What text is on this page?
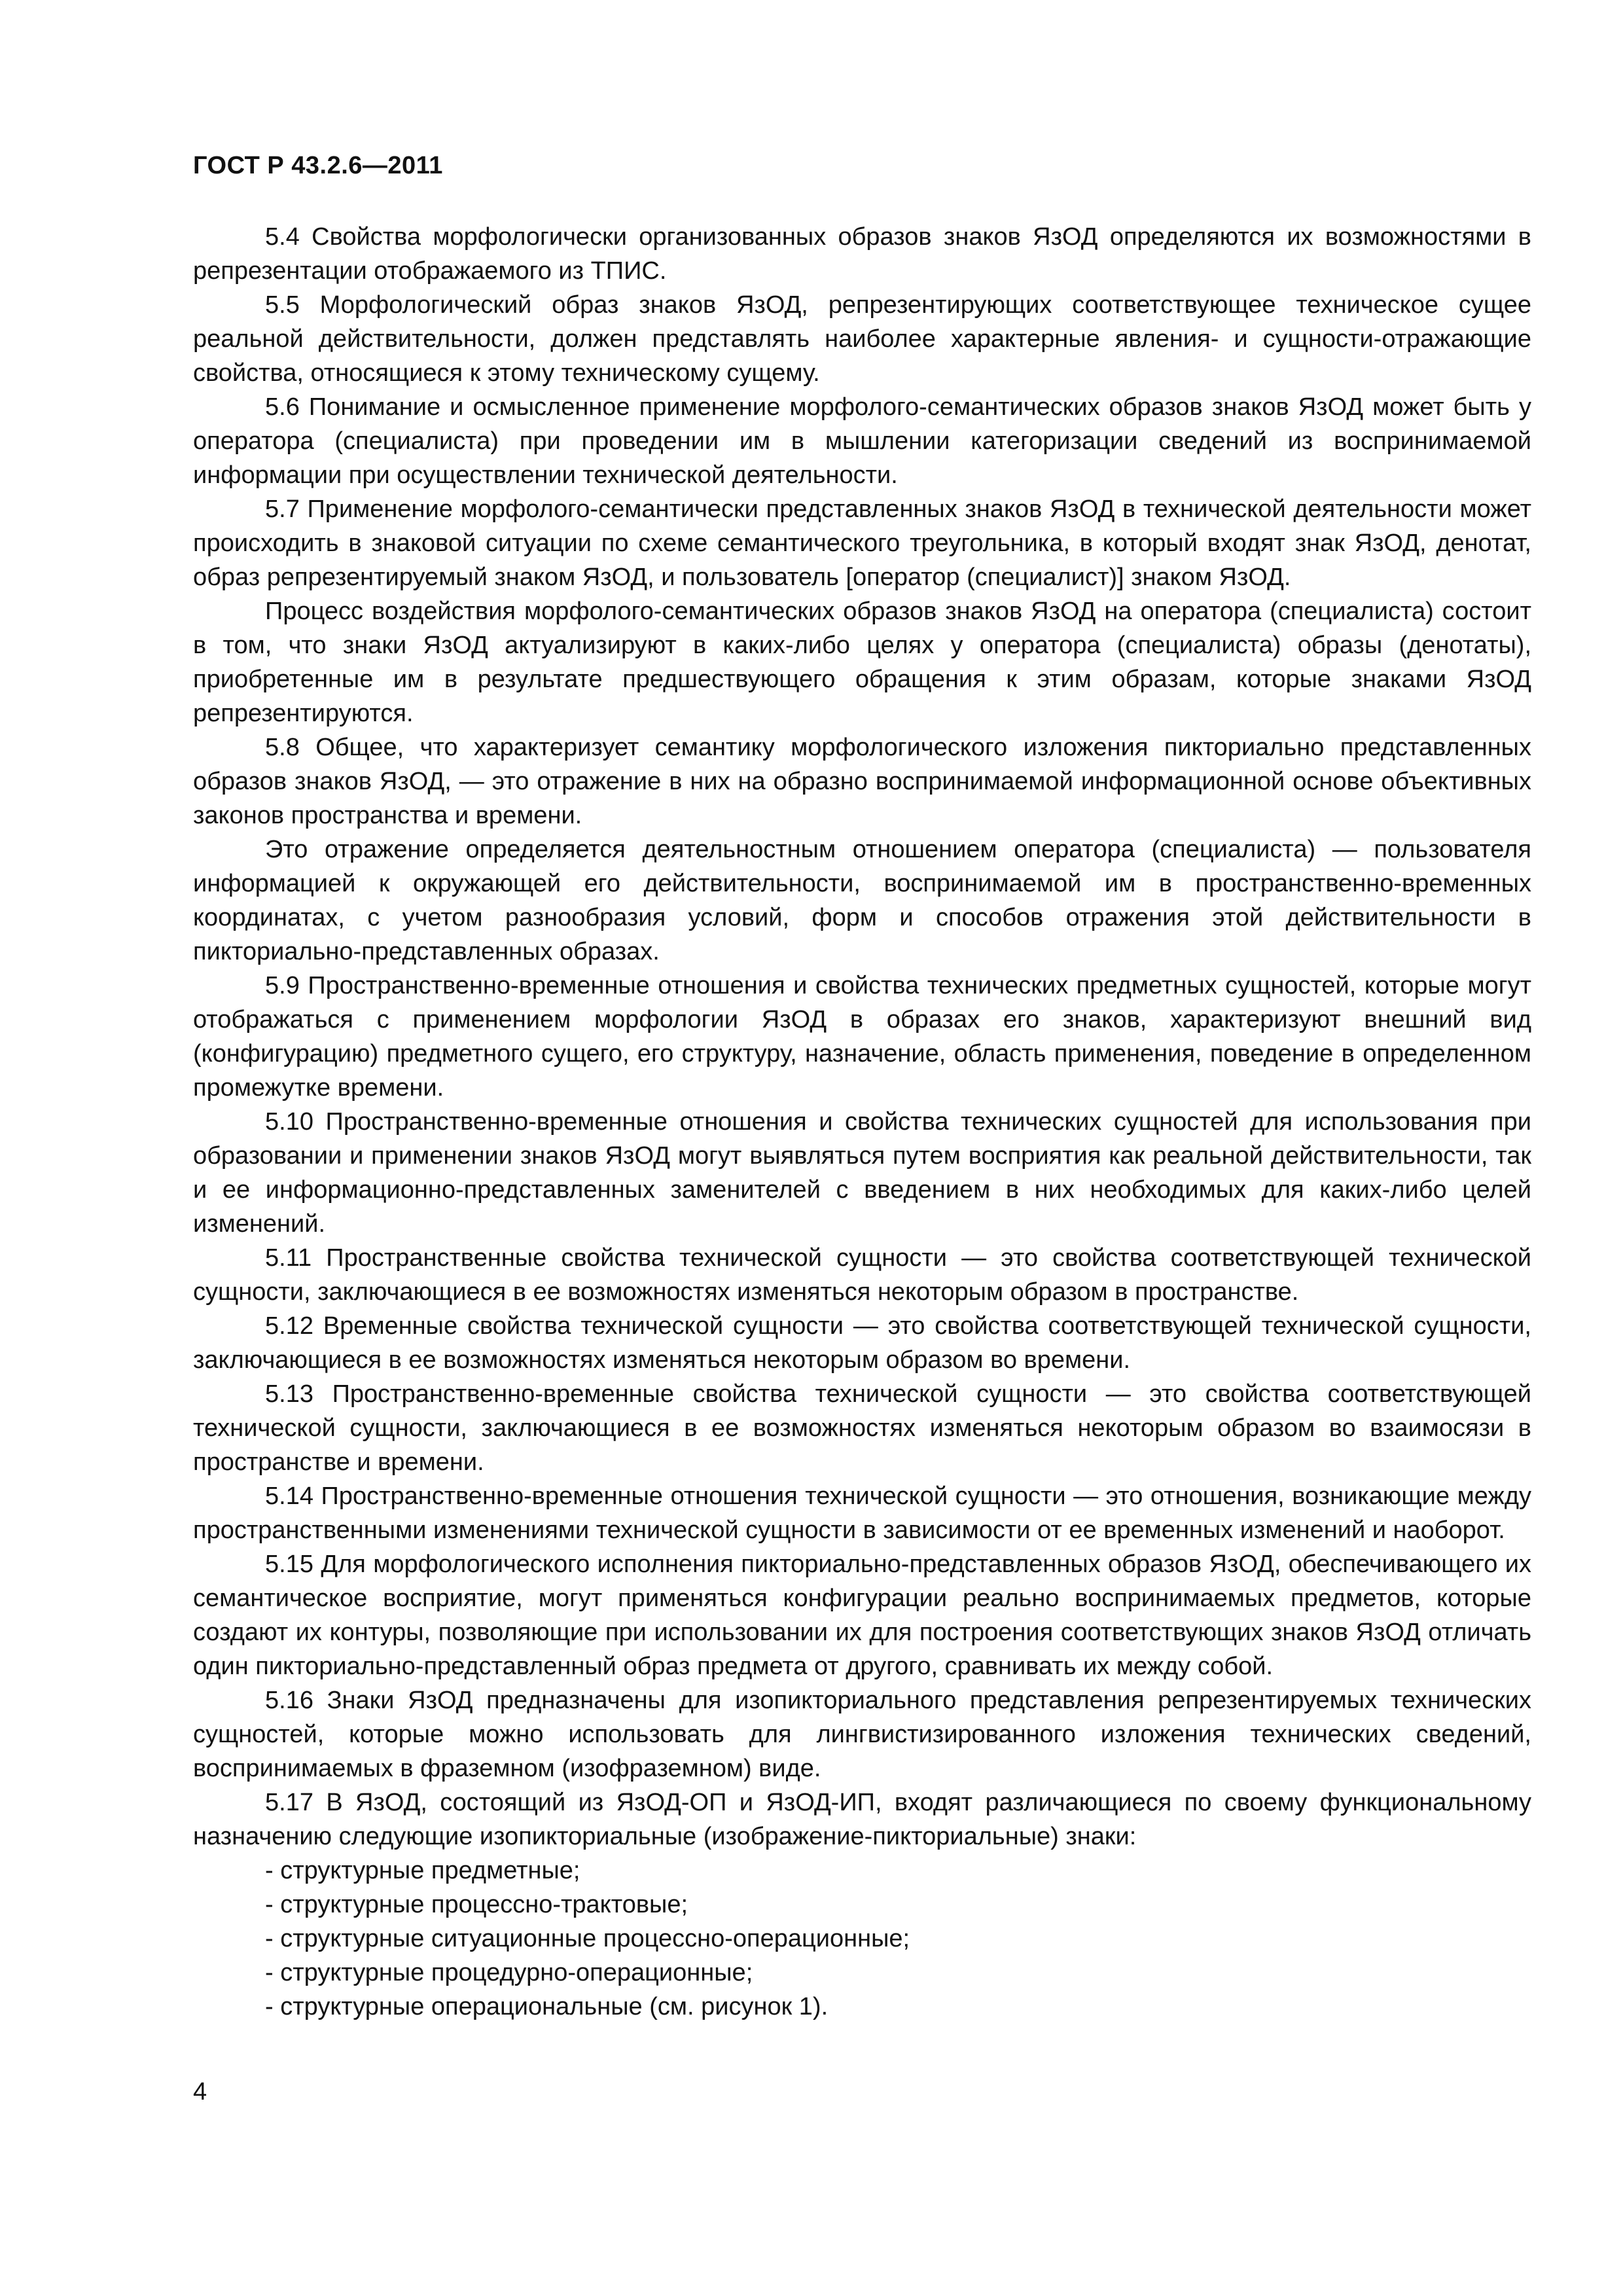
ГОСТ Р 43.2.6—2011

5.4 Свойства морфологически организованных образов знаков ЯзОД определяются их возможностями в репрезентации отображаемого из ТПИС.

5.5 Морфологический образ знаков ЯзОД, репрезентирующих соответствующее техническое сущее реальной действительности, должен представлять наиболее характерные явления- и сущности-отражающие свойства, относящиеся к этому техническому сущему.

5.6 Понимание и осмысленное применение морфолого-семантических образов знаков ЯзОД может быть у оператора (специалиста) при проведении им в мышлении категоризации сведений из воспринимаемой информации при осуществлении технической деятельности.

5.7 Применение морфолого-семантически представленных знаков ЯзОД в технической деятельности может происходить в знаковой ситуации по схеме семантического треугольника, в который входят знак ЯзОД, денотат, образ репрезентируемый знаком ЯзОД, и пользователь [оператор (специалист)] знаком ЯзОД.

Процесс воздействия морфолого-семантических образов знаков ЯзОД на оператора (специалиста) состоит в том, что знаки ЯзОД актуализируют в каких-либо целях у оператора (специалиста) образы (денотаты), приобретенные им в результате предшествующего обращения к этим образам, которые знаками ЯзОД репрезентируются.

5.8 Общее, что характеризует семантику морфологического изложения пикториально представленных образов знаков ЯзОД, — это отражение в них на образно воспринимаемой информационной основе объективных законов пространства и времени.

Это отражение определяется деятельностным отношением оператора (специалиста) — пользователя информацией к окружающей его действительности, воспринимаемой им в пространственно-временных координатах, с учетом разнообразия условий, форм и способов отражения этой действительности в пикториально-представленных образах.

5.9 Пространственно-временные отношения и свойства технических предметных сущностей, которые могут отображаться с применением морфологии ЯзОД в образах его знаков, характеризуют внешний вид (конфигурацию) предметного сущего, его структуру, назначение, область применения, поведение в определенном промежутке времени.

5.10 Пространственно-временные отношения и свойства технических сущностей для использования при образовании и применении знаков ЯзОД могут выявляться путем восприятия как реальной действительности, так и ее информационно-представленных заменителей с введением в них необходимых для каких-либо целей изменений.

5.11 Пространственные свойства технической сущности — это свойства соответствующей технической сущности, заключающиеся в ее возможностях изменяться некоторым образом в пространстве.

5.12 Временные свойства технической сущности — это свойства соответствующей технической сущности, заключающиеся в ее возможностях изменяться некоторым образом во времени.

5.13 Пространственно-временные свойства технической сущности — это свойства соответствующей технической сущности, заключающиеся в ее возможностях изменяться некоторым образом во взаимосязи в пространстве и времени.

5.14 Пространственно-временные отношения технической сущности — это отношения, возникающие между пространственными изменениями технической сущности в зависимости от ее временных изменений и наоборот.

5.15 Для морфологического исполнения пикториально-представленных образов ЯзОД, обеспечивающего их семантическое восприятие, могут применяться конфигурации реально воспринимаемых предметов, которые создают их контуры, позволяющие при использовании их для построения соответствующих знаков ЯзОД отличать один пикториально-представленный образ предмета от другого, сравнивать их между собой.

5.16 Знаки ЯзОД предназначены для изопикториального представления репрезентируемых технических сущностей, которые можно использовать для лингвистизированного изложения технических сведений, воспринимаемых в фраземном (изофраземном) виде.

5.17 В ЯзОД, состоящий из ЯзОД-ОП и ЯзОД-ИП, входят различающиеся по своему функциональному назначению следующие изопикториальные (изображение-пикториальные) знаки:

- структурные предметные;
- структурные процессно-трактовые;
- структурные ситуационные процессно-операционные;
- структурные процедурно-операционные;
- структурные операциональные (см. рисунок 1).
4
